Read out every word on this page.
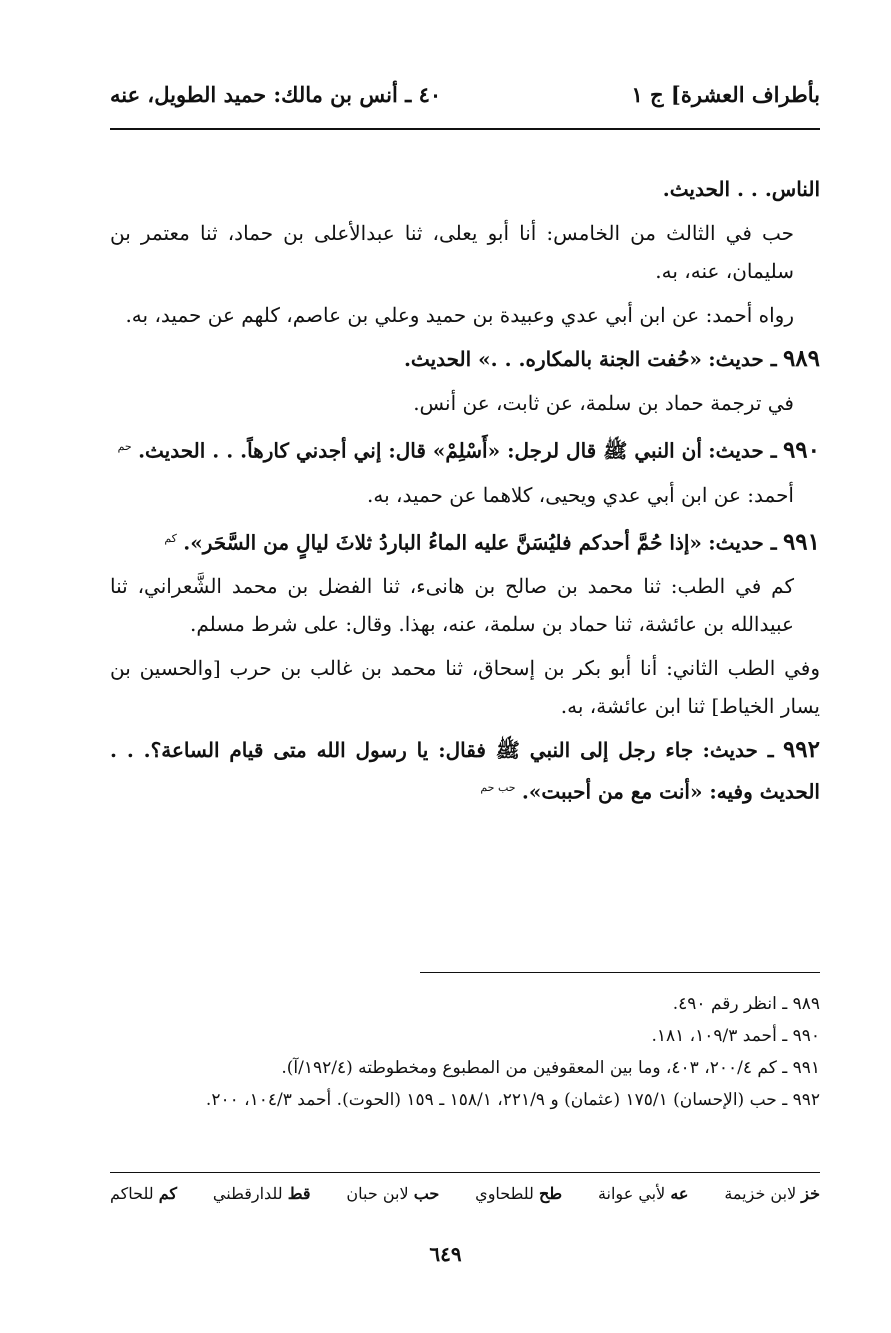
بأطراف العشرة] ج ١
٤٠ ـ أنس بن مالك: حميد الطويل، عنه

الناس. . . الحديث.

حب في الثالث من الخامس: أنا أبو يعلى، ثنا عبدالأعلى بن حماد، ثنا معتمر بن سليمان، عنه، به.

رواه أحمد: عن ابن أبي عدي وعبيدة بن حميد وعلي بن عاصم، كلهم عن حميد، به.

٩٨٩ ـ حديث: «حُفت الجنة بالمكاره. . .» الحديث.

في ترجمة حماد بن سلمة، عن ثابت، عن أنس.

٩٩٠ ـ حديث: أن النبي ﷺ قال لرجل: «أَسْلِمْ» قال: إني أجدني كارهاً. . . الحديث. $^{حم}$

أحمد: عن ابن أبي عدي ويحيى، كلاهما عن حميد، به.

٩٩١ ـ حديث: «إذا حُمَّ أحدكم فليُسَنَّ عليه الماءُ الباردُ ثلاثَ ليالٍ من السَّحَر». $^{كم}$

كم في الطب: ثنا محمد بن صالح بن هانىء، ثنا الفضل بن محمد الشَّعراني، ثنا عبيدالله بن عائشة، ثنا حماد بن سلمة، عنه، بهذا. وقال: على شرط مسلم.

وفي الطب الثاني: أنا أبو بكر بن إسحاق، ثنا محمد بن غالب بن حرب [والحسين بن يسار الخياط] ثنا ابن عائشة، به.

٩٩٢ ـ حديث: جاء رجل إلى النبي ﷺ فقال: يا رسول الله متى قيام الساعة؟. . . الحديث وفيه: «أنت مع من أحببت». $^{حب حم}$

٩٨٩ ـ انظر رقم ٤٩٠.

٩٩٠ ـ أحمد ١٠٩/٣، ١٨١.

٩٩١ ـ كم ٢٠٠/٤، ٤٠٣، وما بين المعقوفين من المطبوع ومخطوطته (١٩٢/٤/آ).

٩٩٢ ـ حب (الإحسان) ١٧٥/١ (عثمان) و ٢٢١/٩، ١٥٨/١ ـ ١٥٩ (الحوت). أحمد ١٠٤/٣، ٢٠٠.

خز لابن خزيمة
عه لأبي عوانة
طح للطحاوي
حب لابن حبان
قط للدارقطني
كم للحاكم
٦٤٩
